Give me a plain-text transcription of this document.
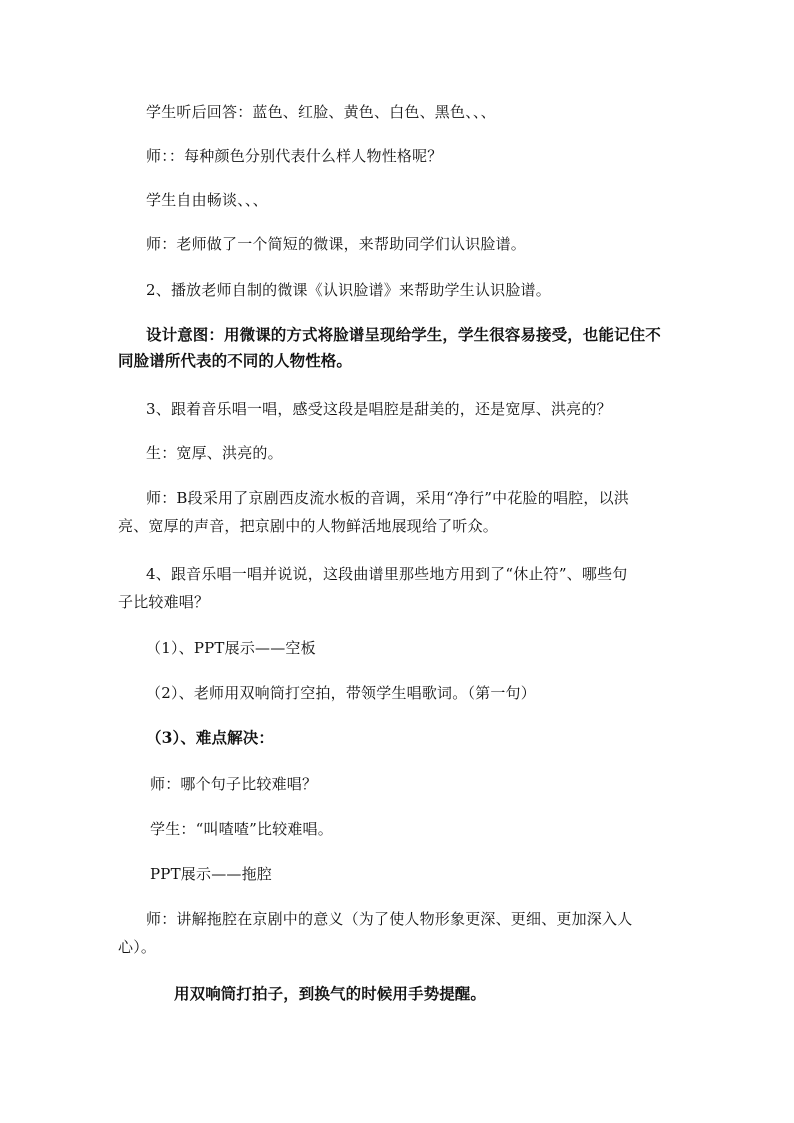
学生听后回答：蓝色、红脸、黄色、白色、黑色、、、
师：：每种颜色分别代表什么样人物性格呢？
学生自由畅谈、、、
师：老师做了一个简短的微课，来帮助同学们认识脸谱。
2、播放老师自制的微课《认识脸谱》来帮助学生认识脸谱。
设计意图：用微课的方式将脸谱呈现给学生，学生很容易接受，也能记住不
同脸谱所代表的不同的人物性格。
3、跟着音乐唱一唱，感受这段是唱腔是甜美的，还是宽厚、洪亮的？
生：宽厚、洪亮的。
师：B段采用了京剧西皮流水板的音调，采用“净行”中花脸的唱腔，以洪
亮、宽厚的声音，把京剧中的人物鲜活地展现给了听众。
4、跟音乐唱一唱并说说，这段曲谱里那些地方用到了“休止符”、哪些句
子比较难唱？
（1）、PPT展示——空板
（2）、老师用双响筒打空拍，带领学生唱歌词。（第一句）
（3）、难点解决：
师：哪个句子比较难唱？
学生：“叫喳喳”比较难唱。
PPT展示——拖腔
师：讲解拖腔在京剧中的意义（为了使人物形象更深、更细、更加深入人
心）。
用双响筒打拍子，到换气的时候用手势提醒。
